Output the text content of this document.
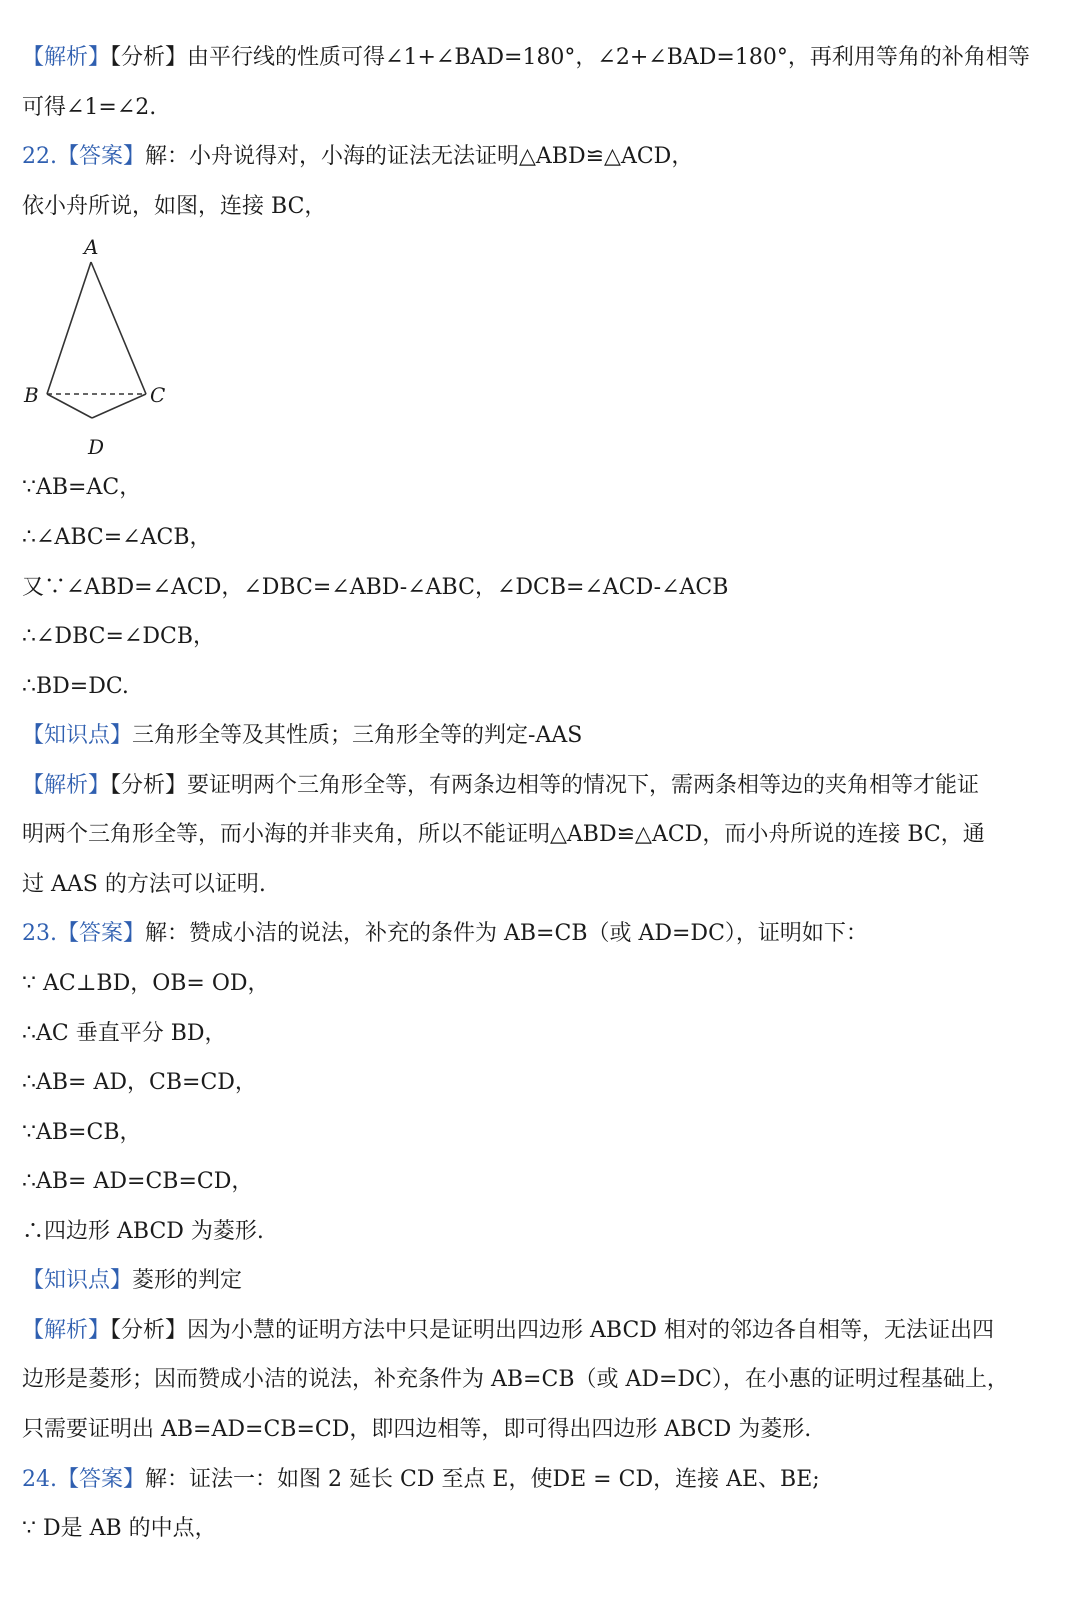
【解析】【分析】由平行线的性质可得∠1+∠BAD=180°，∠2+∠BAD=180°，再利用等角的补角相等
可得∠1=∠2.
22.【答案】解：小舟说得对，小海的证法无法证明△ABD≌△ACD，
依小舟所说，如图，连接 BC，
A
B	C
D
∵AB=AC，
∴∠ABC=∠ACB，
又∵∠ABD=∠ACD，∠DBC=∠ABD-∠ABC，∠DCB=∠ACD-∠ACB
∴∠DBC=∠DCB，
∴BD=DC.
【知识点】三角形全等及其性质；三角形全等的判定-AAS
【解析】【分析】要证明两个三角形全等，有两条边相等的情况下，需两条相等边的夹角相等才能证
明两个三角形全等，而小海的并非夹角，所以不能证明△ABD≌△ACD，而小舟所说的连接 BC，通
过 AAS 的方法可以证明.
23.【答案】解：赞成小洁的说法，补充的条件为 AB=CB（或 AD=DC），证明如下：
∵ AC⊥BD，OB= OD，
∴AC 垂直平分 BD，
∴AB= AD，CB=CD，
∵AB=CB，
∴AB= AD=CB=CD，
∴四边形 ABCD 为菱形.
【知识点】菱形的判定
【解析】【分析】因为小慧的证明方法中只是证明出四边形 ABCD 相对的邻边各自相等，无法证出四
边形是菱形；因而赞成小洁的说法，补充条件为 AB=CB（或 AD=DC），在小惠的证明过程基础上，
只需要证明出 AB=AD=CB=CD，即四边相等，即可得出四边形 ABCD 为菱形.
24.【答案】解：证法一：如图 2 延长 CD 至点 E，使DE = CD，连接 AE、BE;
∵ D是 AB 的中点，
